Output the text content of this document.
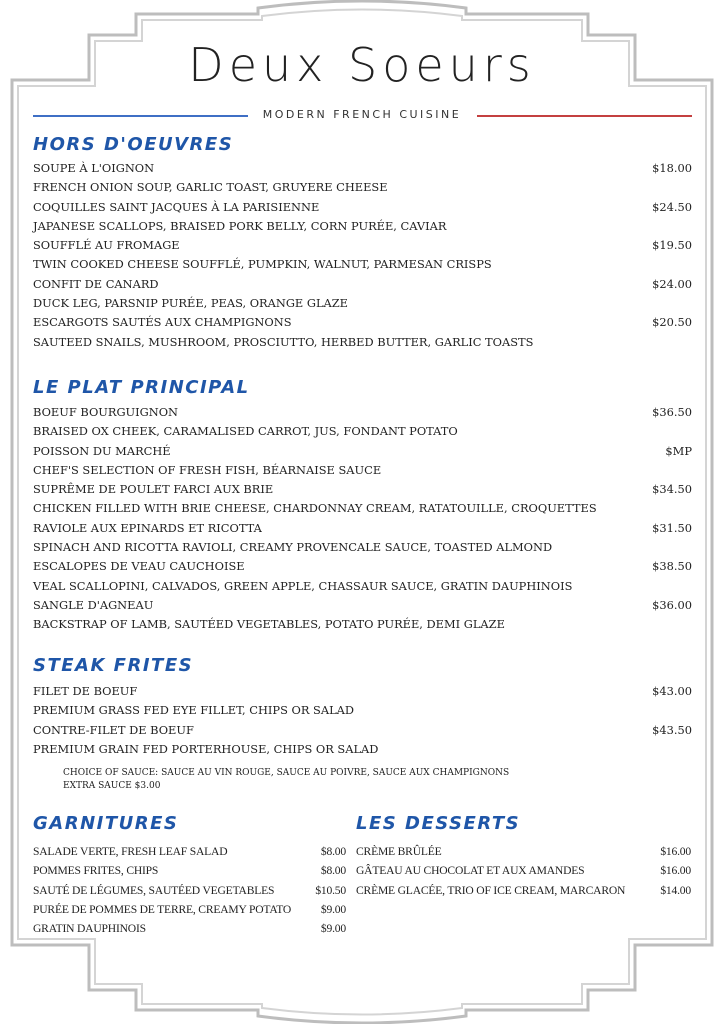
Deux Soeurs
MODERN FRENCH CUISINE
HORS D'OEUVRES
SOUPE À L'OIGNON	$18.00
FRENCH ONION SOUP, GARLIC TOAST, GRUYERE CHEESE
COQUILLES SAINT JACQUES À LA PARISIENNE	$24.50
JAPANESE SCALLOPS, BRAISED PORK BELLY, CORN PURÉE, CAVIAR
SOUFFLÉ AU FROMAGE	$19.50
TWIN COOKED CHEESE SOUFFLÉ, PUMPKIN, WALNUT, PARMESAN CRISPS
CONFIT DE CANARD	$24.00
DUCK LEG, PARSNIP PURÉE, PEAS, ORANGE GLAZE
ESCARGOTS SAUTÉS AUX CHAMPIGNONS	$20.50
SAUTEED SNAILS, MUSHROOM, PROSCIUTTO, HERBED BUTTER, GARLIC TOASTS
LE PLAT PRINCIPAL
BOEUF BOURGUIGNON	$36.50
BRAISED OX CHEEK, CARAMALISED CARROT, JUS, FONDANT POTATO
POISSON DU MARCHÉ	$MP
CHEF'S SELECTION OF FRESH FISH, BÉARNAISE SAUCE
SUPRÊME DE POULET FARCI AUX BRIE	$34.50
CHICKEN FILLED WITH BRIE CHEESE, CHARDONNAY CREAM, RATATOUILLE, CROQUETTES
RAVIOLE AUX EPINARDS ET RICOTTA	$31.50
SPINACH AND RICOTTA RAVIOLI, CREAMY PROVENCALE SAUCE, TOASTED ALMOND
ESCALOPES DE VEAU CAUCHOISE	$38.50
VEAL SCALLOPINI, CALVADOS, GREEN APPLE, CHASSAUR SAUCE, GRATIN DAUPHINOIS
SANGLE D'AGNEAU	$36.00
BACKSTRAP OF LAMB, SAUTÉED VEGETABLES, POTATO PURÉE, DEMI GLAZE
STEAK FRITES
FILET DE BOEUF	$43.00
PREMIUM GRASS FED EYE FILLET, CHIPS OR SALAD
CONTRE-FILET DE BOEUF	$43.50
PREMIUM GRAIN FED PORTERHOUSE, CHIPS OR SALAD
CHOICE OF SAUCE: SAUCE AU VIN ROUGE, SAUCE AU POIVRE, SAUCE AUX CHAMPIGNONS
EXTRA SAUCE $3.00
GARNITURES
SALADE VERTE, FRESH LEAF SALAD	$8.00
POMMES FRITES, CHIPS	$8.00
SAUTÉ DE LÉGUMES, SAUTÉED VEGETABLES	$10.50
PURÉE DE POMMES DE TERRE, CREAMY POTATO	$9.00
GRATIN DAUPHINOIS	$9.00
LES DESSERTS
CRÈME BRÛLÉE	$16.00
GÂTEAU AU CHOCOLAT ET AUX AMANDES	$16.00
CRÈME GLACÉE, TRIO OF ICE CREAM, MARCARON	$14.00
